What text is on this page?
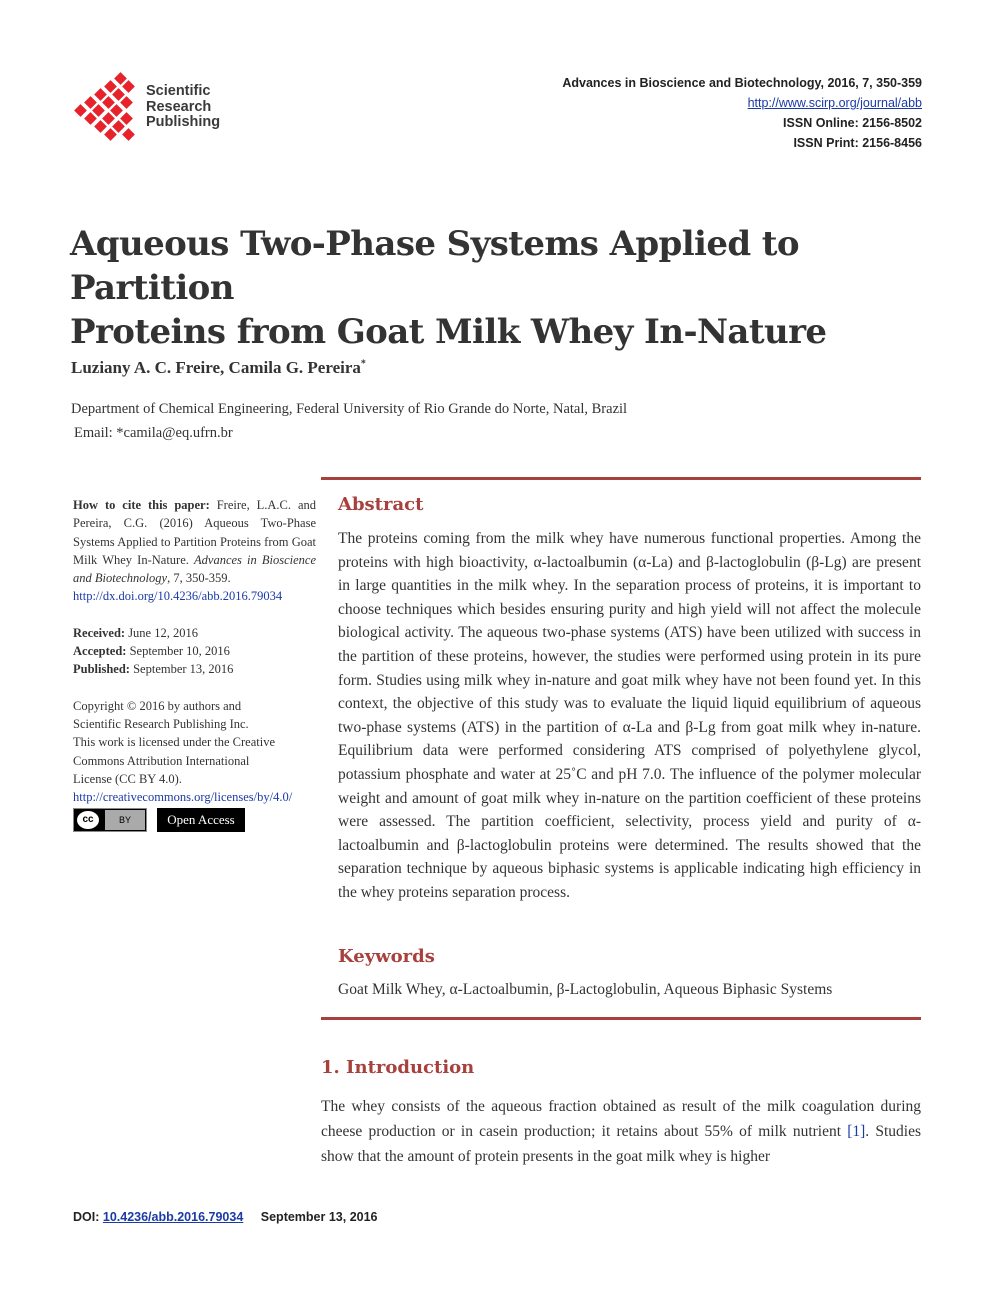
Scientific
Research
Publishing
Advances in Bioscience and Biotechnology, 2016, 7, 350-359
http://www.scirp.org/journal/abb
ISSN Online: 2156-8502
ISSN Print: 2156-8456
Aqueous Two-Phase Systems Applied to Partition
Proteins from Goat Milk Whey In-Nature
Luziany A. C. Freire, Camila G. Pereira*
Department of Chemical Engineering, Federal University of Rio Grande do Norte, Natal, Brazil
Email: *camila@eq.ufrn.br

How to cite this paper: Freire, L.A.C. and Pereira, C.G. (2016) Aqueous Two-Phase Systems Applied to Partition Proteins from Goat Milk Whey In-Nature. Advances in Bioscience and Biotechnology, 7, 350-359.
http://dx.doi.org/10.4236/abb.2016.79034

Received: June 12, 2016

Accepted: September 10, 2016

Published: September 13, 2016

Copyright © 2016 by authors and
Scientific Research Publishing Inc.
This work is licensed under the Creative
Commons Attribution International
License (CC BY 4.0).
http://creativecommons.org/licenses/by/4.0/

cc	BY	Open Access
Abstract

The proteins coming from the milk whey have numerous functional properties. Among the proteins with high bioactivity, α-lactoalbumin (α-La) and β-lactoglobulin (β-Lg) are present in large quantities in the milk whey. In the separation process of proteins, it is important to choose techniques which besides ensuring purity and high yield will not affect the molecule biological activity. The aqueous two-phase systems (ATS) have been utilized with success in the partition of these proteins, however, the studies were performed using protein in its pure form. Studies using milk whey in-nature and goat milk whey have not been found yet. In this context, the objective of this study was to evaluate the liquid liquid equilibrium of aqueous two-phase systems (ATS) in the partition of α-La and β-Lg from goat milk whey in-nature. Equilibrium data were performed considering ATS comprised of polyethylene glycol, potassium phosphate and water at 25˚C and pH 7.0. The influence of the polymer molecular weight and amount of goat milk whey in-nature on the partition coefficient of these proteins were assessed. The partition coefficient, selectivity, process yield and purity of α-lactoalbumin and β-lactoglobulin proteins were determined. The results showed that the separation technique by aqueous biphasic systems is applicable indicating high efficiency in the whey proteins separation process.

Keywords
Goat Milk Whey, α-Lactoalbumin, β-Lactoglobulin, Aqueous Biphasic Systems
1. Introduction

The whey consists of the aqueous fraction obtained as result of the milk coagulation during cheese production or in casein production; it retains about 55% of milk nutrient [1]. Studies show that the amount of protein presents in the goat milk whey is higher

DOI: 10.4236/abb.2016.79034 September 13, 2016
